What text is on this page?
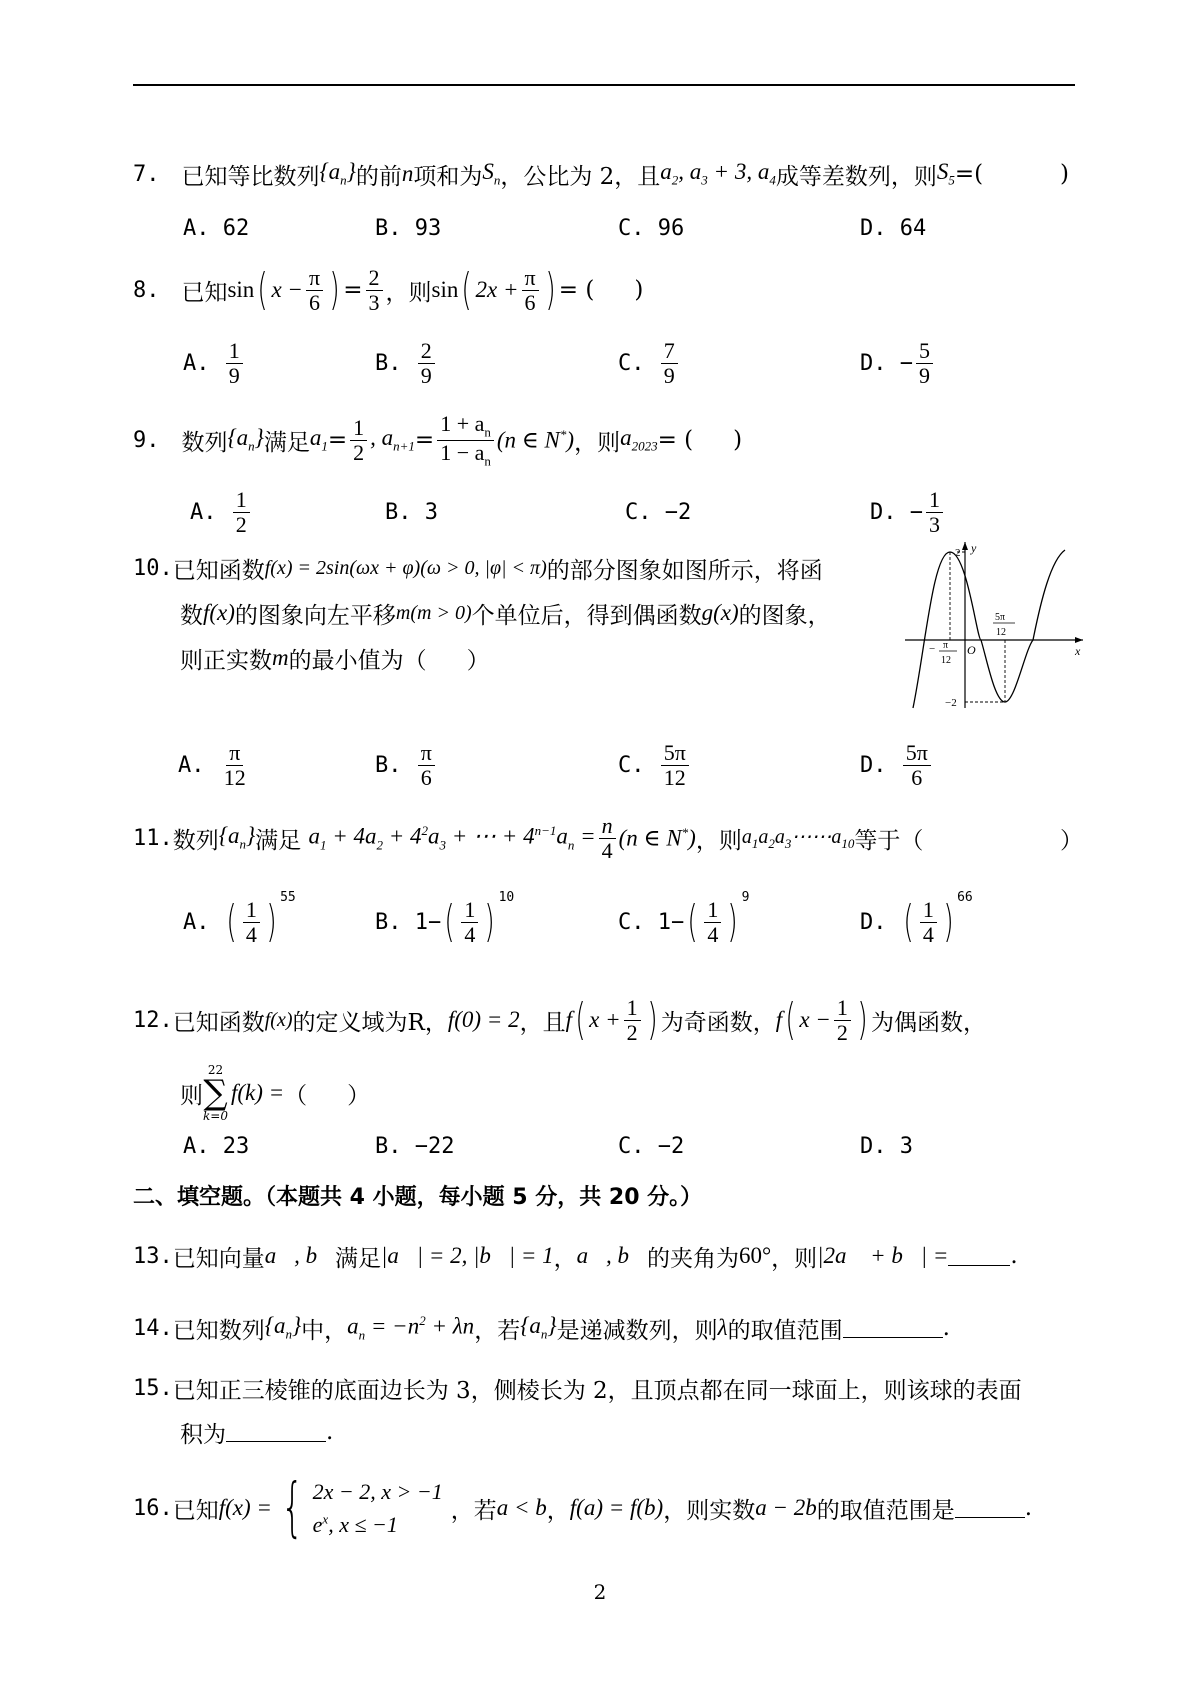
7.
已知等比数列 $\{a_n\}$ 的前 n 项和为 $S_n$ ，公比为 2，且 $a_2$, $a_3 + 3$, $a_4$ 成等差数列，则 $S_5$ =(	)
A. 62	B. 93	C. 96	D. 64
8.
已知 sin ( $x - \frac{\pi}{6}$ ) = $\frac{2}{3}$ ，则 sin ( $2x + \frac{\pi}{6}$ ) = ( )
A.
$\frac{1}{9}$	B.
$\frac{2}{9}$	C.
$\frac{7}{9}$	D.
− $\frac{5}{9}$
9.
数列 $\{a_n\}$ 满足 $a_1 = \frac{1}{2}$ , $a_{n+1} = \frac{1 + a_n}{1 - a_n} (n$ ∈ N*) ，则 $a_{2023}$ = ( )
A.
$\frac{1}{2}$	B.
3	C.
−2	D.
− $\frac{1}{3}$
10. 已知函数 f(x) = 2sin(ωx + φ)(ω > 0, |φ| < π) 的部分图象如图所示，将函
数 f(x) 的图象向左平移 m(m > 0) 个单位后，得到偶函数 g(x) 的图象，
则正实数 m 的最小值为（ ）
y
x
O
2
−2
− π
12
5π
12
A.
$\frac{\pi}{12}$	B.
$\frac{\pi}{6}$	C.
$\frac{5\pi}{12}$	D.
$\frac{5\pi}{6}$
11. 数列 $\{a_n\}$ 满足
$a_1 + 4a_2 + 4^2a_3$ + ⋯ + $4^{n-1}a_n = \frac{n}{4} (n$ ∈ N*) ，则 $a_1a_2a_3\cdots\cdots a_{10}$ 等于（	）
A.
( $\frac{1}{4}$ ) $^{55}$
B.
1− ( $\frac{1}{4}$ ) $^{10}$
C.
1− ( $\frac{1}{4}$ ) $^9$
D.
( $\frac{1}{4}$ ) $^{66}$
12. 已知函数 f(x) 的定义域为R， f(0) = 2 ，且 f ( $x + \frac{1}{2}$ ) 为奇函数， f ( $x - \frac{1}{2}$ ) 为偶函数，
则
22
∑
k=0
f(k) = （ ）
A. 23	B. −22	C. −2	D. 3
二、填空题。（本题共 4 小题，每小题 5 分，共 20 分。）
13. 已知向量 a⃗, b⃗ 满足 |a⃗| = 2, |b⃗| = 1 ， a⃗, b⃗ 的夹角为 60° ，则 |2a⃗ + b⃗| =	.
14. 已知数列 $\{a_n\}$ 中， $a_n = -n^2 + \lambda n$ ，若 $\{a_n\}$ 是递减数列，则 λ 的取值范围	.
15. 已知正三棱锥的底面边长为 3，侧棱长为 2，且顶点都在同一球面上，则该球的表面
积为	.
16. 已知 f(x) = { 2x − 2, x > −1
$e^x$, x ≤ −1
，若 a < b ， f(a) = f(b) ，则实数 a − 2b 的取值范围是	.
2
